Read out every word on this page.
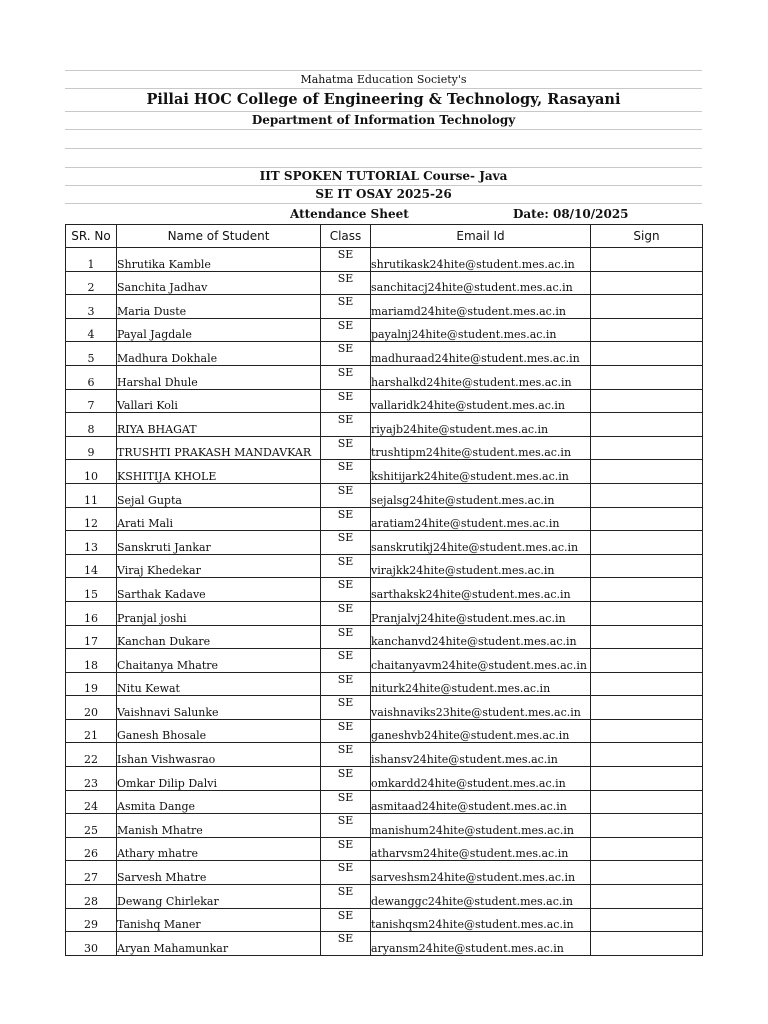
Mahatma Education Society's
Pillai HOC College of Engineering & Technology, Rasayani
Department of Information Technology
IIT SPOKEN TUTORIAL Course- Java
SE IT OSAY 2025-26
Attendance Sheet	Date: 08/10/2025
SR. No	Name of Student	Class	Email Id	Sign
1	Shrutika Kamble	SE	shrutikask24hite@student.mes.ac.in	
2	Sanchita Jadhav	SE	sanchitacj24hite@student.mes.ac.in	
3	Maria Duste	SE	mariamd24hite@student.mes.ac.in	
4	Payal Jagdale	SE	payalnj24hite@student.mes.ac.in	
5	Madhura Dokhale	SE	madhuraad24hite@student.mes.ac.in	
6	Harshal Dhule	SE	harshalkd24hite@student.mes.ac.in	
7	Vallari Koli	SE	vallaridk24hite@student.mes.ac.in	
8	RIYA BHAGAT	SE	riyajb24hite@student.mes.ac.in	
9	TRUSHTI PRAKASH MANDAVKAR	SE	trushtipm24hite@student.mes.ac.in	
10	KSHITIJA KHOLE	SE	kshitijark24hite@student.mes.ac.in	
11	Sejal Gupta	SE	sejalsg24hite@student.mes.ac.in	
12	Arati Mali	SE	aratiam24hite@student.mes.ac.in	
13	Sanskruti Jankar	SE	sanskrutikj24hite@student.mes.ac.in	
14	Viraj Khedekar	SE	virajkk24hite@student.mes.ac.in	
15	Sarthak Kadave	SE	sarthaksk24hite@student.mes.ac.in	
16	Pranjal joshi	SE	Pranjalvj24hite@student.mes.ac.in	
17	Kanchan Dukare	SE	kanchanvd24hite@student.mes.ac.in	
18	Chaitanya Mhatre	SE	chaitanyavm24hite@student.mes.ac.in	
19	Nitu Kewat	SE	niturk24hite@student.mes.ac.in	
20	Vaishnavi Salunke	SE	vaishnaviks23hite@student.mes.ac.in	
21	Ganesh Bhosale	SE	ganeshvb24hite@student.mes.ac.in	
22	Ishan Vishwasrao	SE	ishansv24hite@student.mes.ac.in	
23	Omkar Dilip Dalvi	SE	omkardd24hite@student.mes.ac.in	
24	Asmita Dange	SE	asmitaad24hite@student.mes.ac.in	
25	Manish Mhatre	SE	manishum24hite@student.mes.ac.in	
26	Athary mhatre	SE	atharvsm24hite@student.mes.ac.in	
27	Sarvesh Mhatre	SE	sarveshsm24hite@student.mes.ac.in	
28	Dewang Chirlekar	SE	dewanggc24hite@student.mes.ac.in	
29	Tanishq Maner	SE	tanishqsm24hite@student.mes.ac.in	
30	Aryan Mahamunkar	SE	aryansm24hite@student.mes.ac.in	
